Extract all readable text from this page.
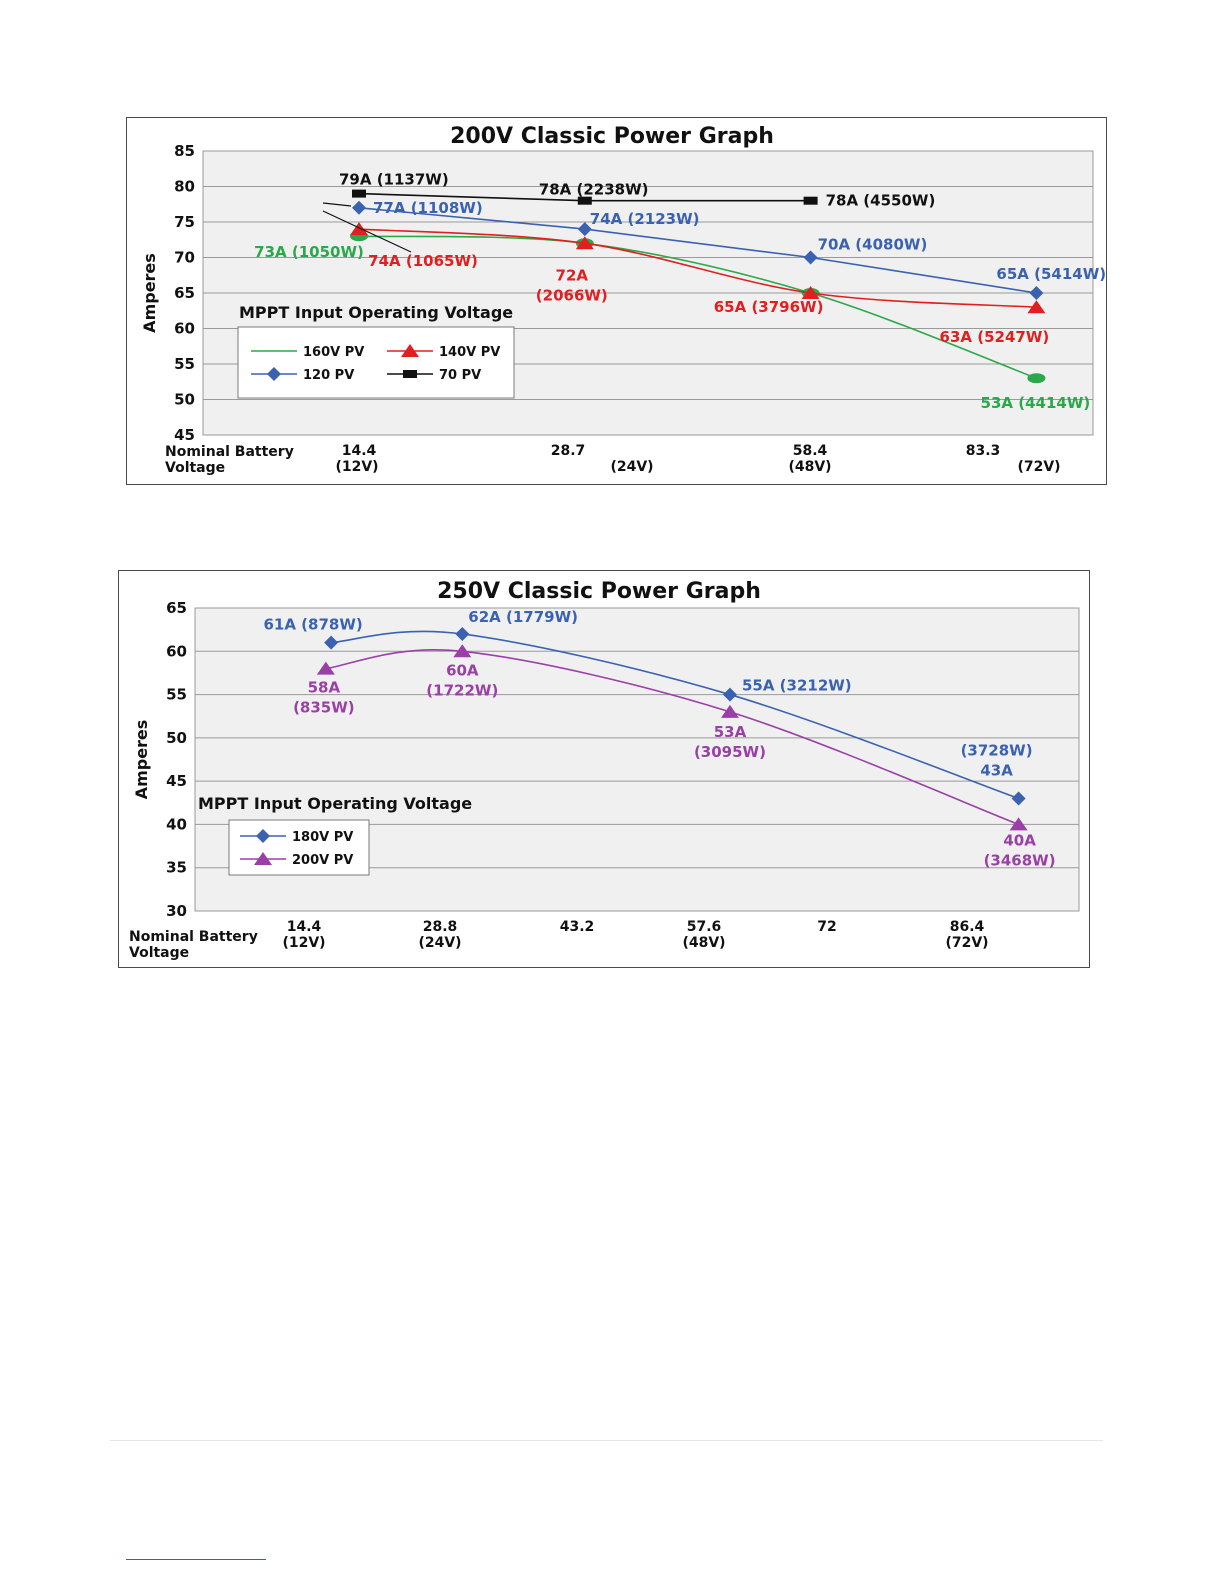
200V Classic Power Graph
45
50
55
60
65
70
75
80
85
Amperes
Nominal Battery
Voltage
14.4
(12V)
28.7
(24V)
58.4
(48V)
83.3
(72V)
73A (1050W)
53A (4414W)
74A (1065W)
72A (2066W)
65A (3796W)
63A (5247W)
77A (1108W)
74A (2123W)
70A (4080W)
65A (5414W)
79A (1137W)
78A (2238W)
78A (4550W)
MPPT Input Operating Voltage
160V PV	140V PV
120 PV	70 PV
250V Classic Power Graph
30
35
40
45
50
55
60
65
Amperes
Nominal Battery
Voltage
14.4
(12V)
28.8
(24V)
43.2	57.6
(48V)
72	86.4
(72V)
61A (878W)	62A (1779W)
55A (3212W)
(3728W) 43A
58A (835W)
60A (1722W)
53A (3095W)
40A (3468W)
MPPT Input Operating Voltage
180V PV
200V PV
